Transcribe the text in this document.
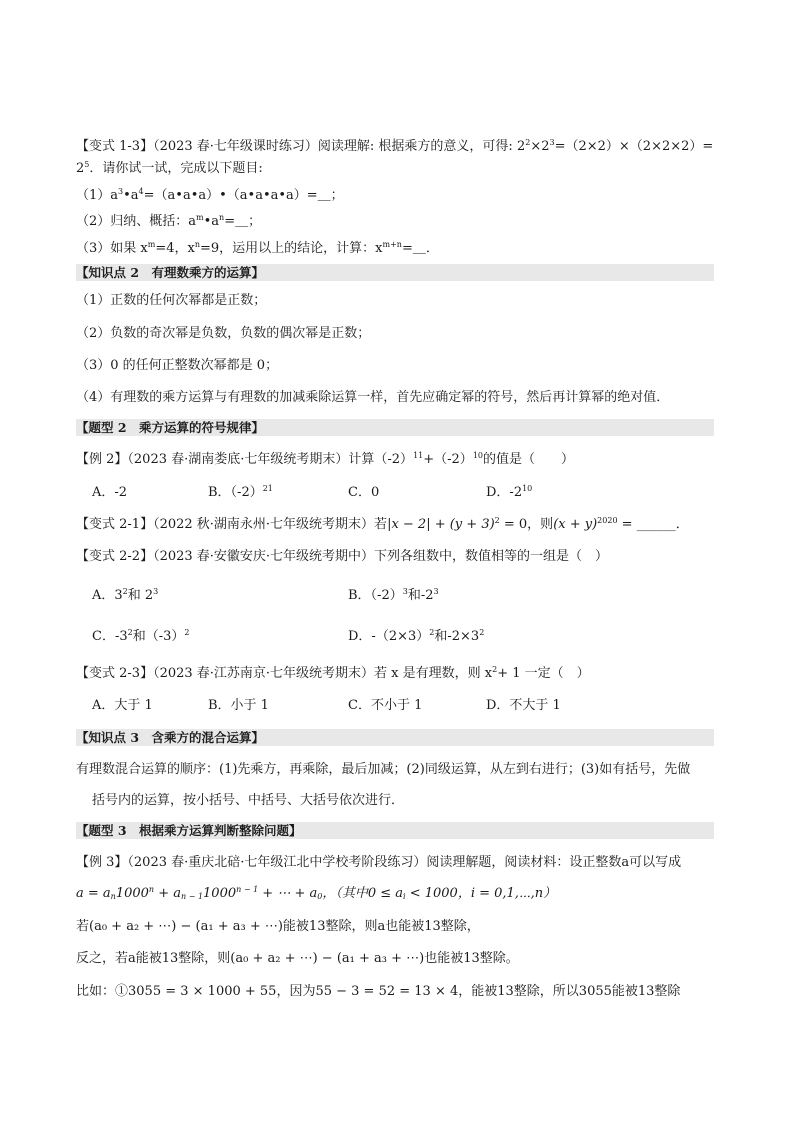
【变式 1-3】（2023 春·七年级课时练习）阅读理解: 根据乘方的意义，可得: $2^2\times 2^3=(2\times 2)\times(2\times 2\times 2)=$
$2^5$．请你试一试，完成以下题目:
$(1)a^3•a^4=(a•a•a)•(a•a•a•a)=\_$；
（2）归纳、概括：$a^m•a^n=\_$；
（3）如果 $x^m=4$，$x^n=9$，运用以上的结论，计算：$x^{m+n}=\_$．
【知识点 2　有理数乘方的运算】
（1）正数的任何次幂都是正数；
（2）负数的奇次幂是负数，负数的偶次幂是正数；
（3）0 的任何正整数次幂都是 0；
（4）有理数的乘方运算与有理数的加减乘除运算一样，首先应确定幂的符号，然后再计算幂的绝对值．
【题型 2　乘方运算的符号规律】
【例 2】（2023 春·湖南娄底·七年级统考期末）计算$(-2)^{11}+(-2)^{10}$的值是（　　）
A．-2	B．$(-2)^{21}$	C．0	D．$-2^{10}$
【变式 2-1】（2022 秋·湖南永州·七年级统考期末）若$|x - 2| + (y + 3)^2 = 0$，则$(x + y)^{2020}$ = ______．
【变式 2-2】（2023 春·安徽安庆·七年级统考期中）下列各组数中，数值相等的一组是（　）
A．$3^2$和 $2^3$	B．$(-2)^3$和$-2^3$
C．$-3^2$和$(-3)^2$	D．$-(2\times 3)^2$和$-2\times 3^2$
【变式 2-3】（2023 春·江苏南京·七年级统考期末）若 x 是有理数，则 $x^2+ 1$ 一定（　）
A．大于 1	B．小于 1	C．不小于 1	D．不大于 1
【知识点 3　含乘方的混合运算】
有理数混合运算的顺序：(1)先乘方，再乘除，最后加减；(2)同级运算，从左到右进行；(3)如有括号，先做
括号内的运算，按小括号、中括号、大括号依次进行．
【题型 3　根据乘方运算判断整除问题】
【例 3】（2023 春·重庆北碚·七年级江北中学校考阶段练习）阅读理解题，阅读材料：设正整数a可以写成
$a = a_n1000^n + a_{n - 1}1000^{n - 1}$ + ⋯ + $a_0$，（其中$0 \le a_i < 1000$，i = 0,1,⋯,n）
若(a₀ + a₂ + ⋯) − (a₁ + a₃ + ⋯)能被13整除，则a也能被13整除，
反之，若a能被13整除，则(a₀ + a₂ + ⋯) − (a₁ + a₃ + ⋯)也能被13整除。
比如：①3055 = 3 × 1000 + 55，因为55 − 3 = 52 = 13 × 4，能被13整除，所以3055能被13整除
